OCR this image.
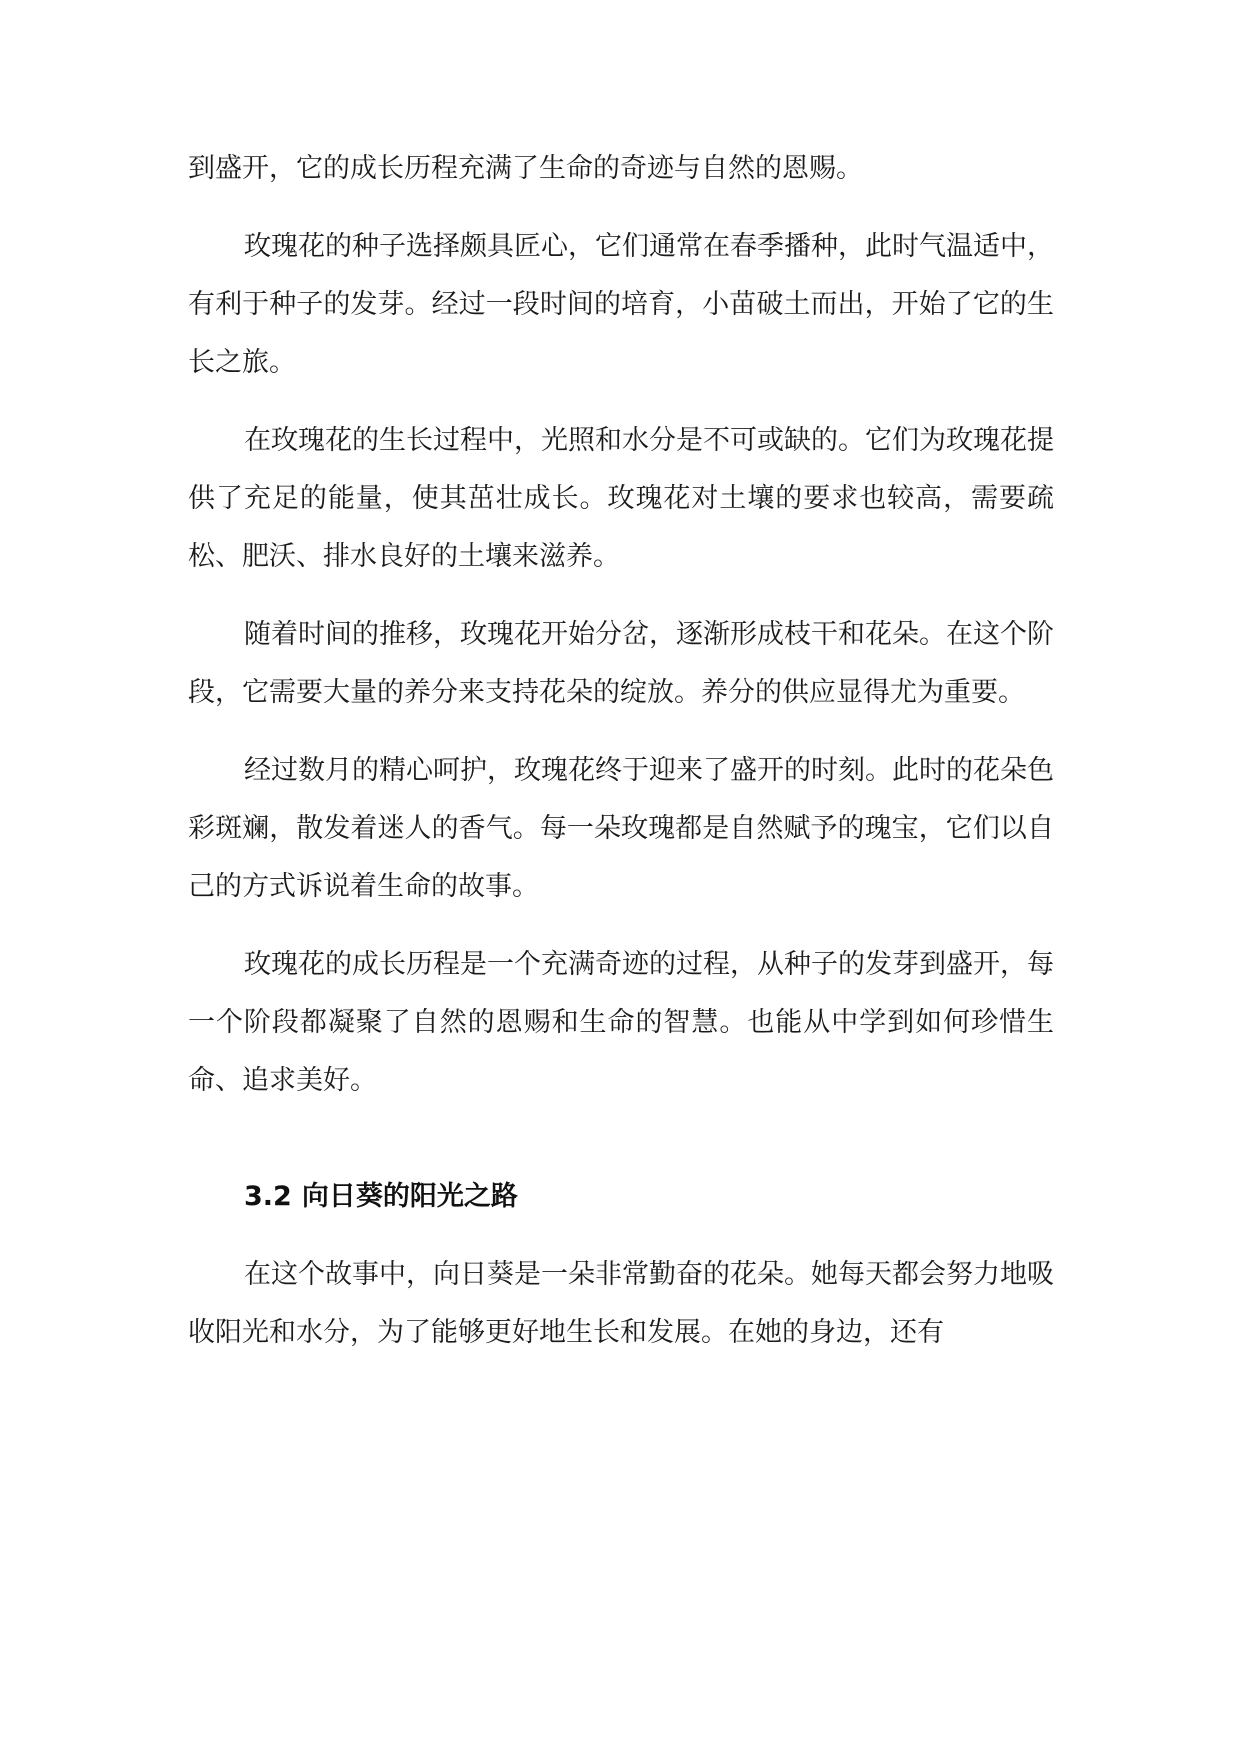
到盛开，它的成长历程充满了生命的奇迹与自然的恩赐。

玫瑰花的种子选择颇具匠心，它们通常在春季播种，此时气温适中，有利于种子的发芽。经过一段时间的培育，小苗破土而出，开始了它的生长之旅。

在玫瑰花的生长过程中，光照和水分是不可或缺的。它们为玫瑰花提供了充足的能量，使其茁壮成长。玫瑰花对土壤的要求也较高，需要疏松、肥沃、排水良好的土壤来滋养。

随着时间的推移，玫瑰花开始分岔，逐渐形成枝干和花朵。在这个阶段，它需要大量的养分来支持花朵的绽放。养分的供应显得尤为重要。

经过数月的精心呵护，玫瑰花终于迎来了盛开的时刻。此时的花朵色彩斑斓，散发着迷人的香气。每一朵玫瑰都是自然赋予的瑰宝，它们以自己的方式诉说着生命的故事。

玫瑰花的成长历程是一个充满奇迹的过程，从种子的发芽到盛开，每一个阶段都凝聚了自然的恩赐和生命的智慧。也能从中学到如何珍惜生命、追求美好。

3.2 向日葵的阳光之路

在这个故事中，向日葵是一朵非常勤奋的花朵。她每天都会努力地吸收阳光和水分，为了能够更好地生长和发展。在她的身边，还有
